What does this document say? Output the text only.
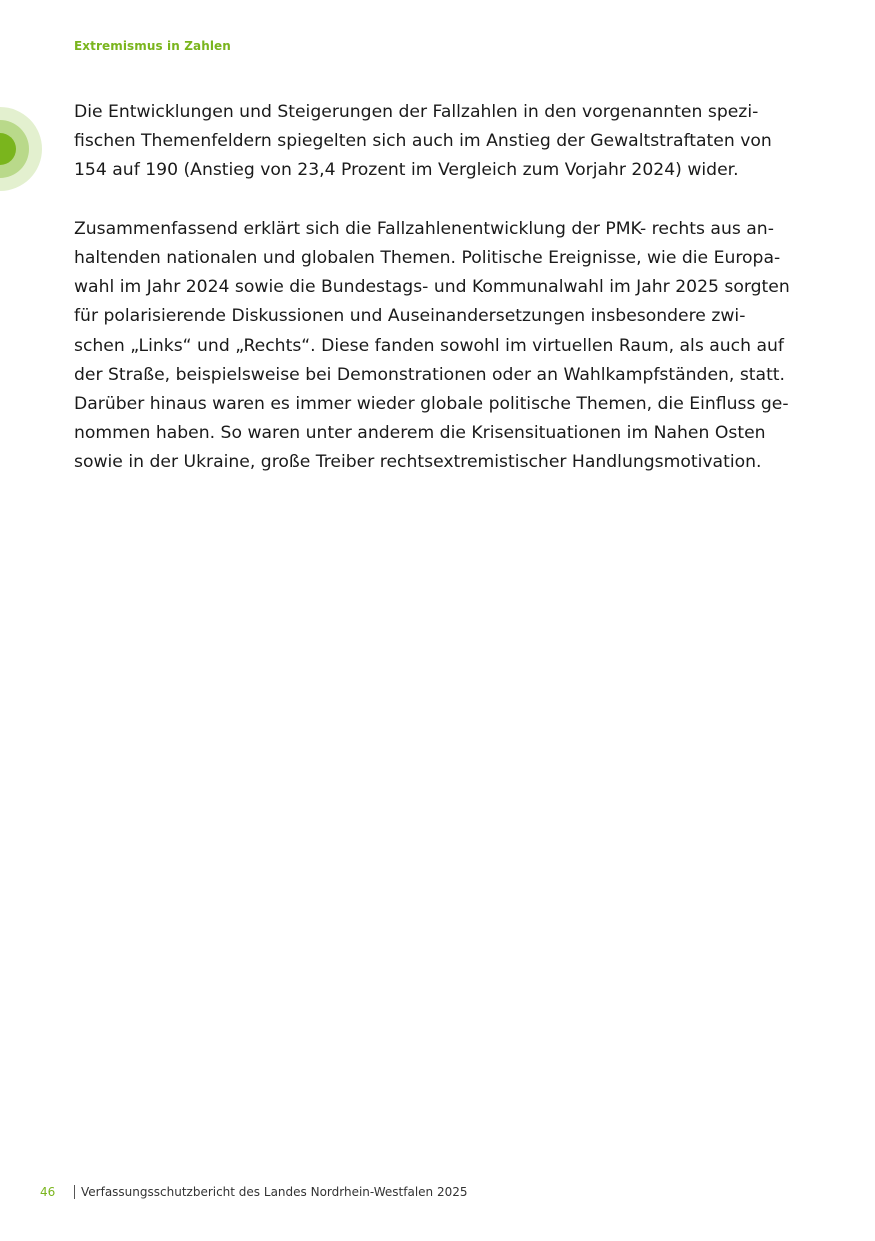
Extremismus in Zahlen

Die Entwicklungen und Steigerungen der Fallzahlen in den vorgenannten spezi-
fischen Themenfeldern spiegelten sich auch im Anstieg der Gewaltstraftaten von
154 auf 190 (Anstieg von 23,4 Prozent im Vergleich zum Vorjahr 2024) wider.

Zusammenfassend erklärt sich die Fallzahlenentwicklung der PMK- rechts aus an-
haltenden nationalen und globalen Themen. Politische Ereignisse, wie die Europa-
wahl im Jahr 2024 sowie die Bundestags- und Kommunalwahl im Jahr 2025 sorgten
für polarisierende Diskussionen und Auseinandersetzungen insbesondere zwi-
schen „Links“ und „Rechts“. Diese fanden sowohl im virtuellen Raum, als auch auf
der Straße, beispielsweise bei Demonstrationen oder an Wahlkampfständen, statt.
Darüber hinaus waren es immer wieder globale politische Themen, die Einfluss ge-
nommen haben. So waren unter anderem die Krisensituationen im Nahen Osten
sowie in der Ukraine, große Treiber rechtsextremistischer Handlungsmotivation.

46	Verfassungsschutzbericht des Landes Nordrhein-Westfalen 2025
